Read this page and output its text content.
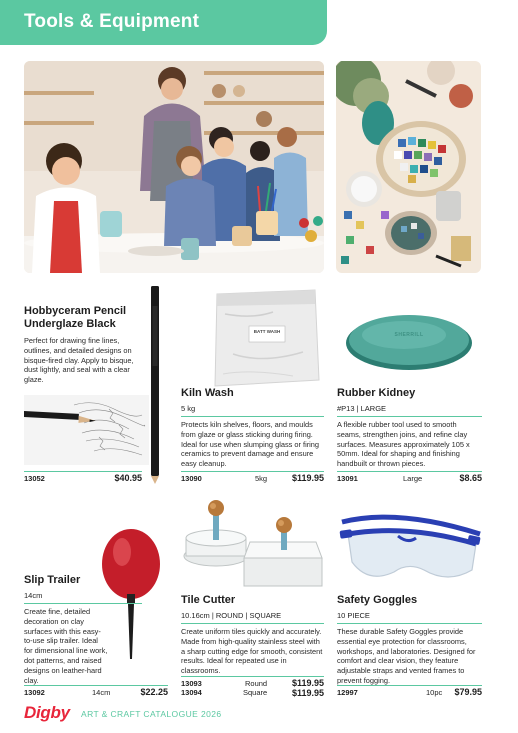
Tools & Equipment
Hobbyceram Pencil Underglaze Black
Perfect for drawing fine lines, outlines, and detailed designs on bisque-fired clay. Apply to bisque, dust lightly, and seal with a clear glaze.
13052	$40.95
BATT WASH
Kiln Wash
5 kg
Protects kiln shelves, floors, and moulds from glaze or glass sticking during firing. Ideal for use when slumping glass or firing ceramics to prevent damage and ensure easy cleanup.
13090	5kg	$119.95
SHERRILL
Rubber Kidney
#P13 | LARGE
A flexible rubber tool used to smooth seams, strengthen joins, and refine clay surfaces. Measures approximately 105 x 50mm. Ideal for shaping and finishing handbuilt or thrown pieces.
13091	Large	$8.65
Slip Trailer
14cm
Create fine, detailed decoration on clay surfaces with this easy-to-use slip trailer. Ideal for dimensional line work, dot patterns, and raised designs on leather-hard clay.
13092	14cm	$22.25
Tile Cutter
10.16cm | ROUND | SQUARE
Create uniform tiles quickly and accurately. Made from high-quality stainless steel with a sharp cutting edge for smooth, consistent results. Ideal for repeated use in classrooms.
13093	Round	$119.95
13094	Square	$119.95
Safety Goggles
10 PIECE
These durable Safety Goggles provide essential eye protection for classrooms, workshops, and laboratories. Designed for comfort and clear vision, they feature adjustable straps and vented frames to prevent fogging.
12997	10pc $79.95
Digby ART & CRAFT CATALOGUE 2026
